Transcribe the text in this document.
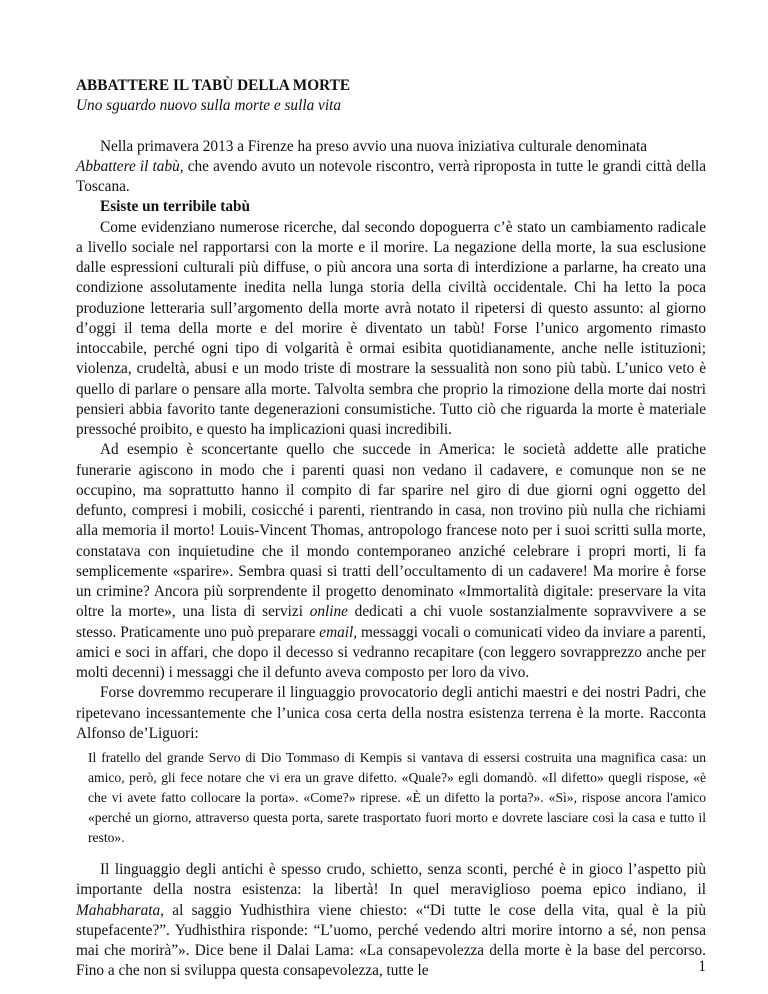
ABBATTERE IL TABÙ DELLA MORTE
Uno sguardo nuovo sulla morte e sulla vita

Nella primavera 2013 a Firenze ha preso avvio una nuova iniziativa culturale denominata
Abbattere il tabù, che avendo avuto un notevole riscontro, verrà riproposta in tutte le grandi città della Toscana.

Esiste un terribile tabù

Come evidenziano numerose ricerche, dal secondo dopoguerra c’è stato un cambiamento radicale a livello sociale nel rapportarsi con la morte e il morire. La negazione della morte, la sua esclusione dalle espressioni culturali più diffuse, o più ancora una sorta di interdizione a parlarne, ha creato una condizione assolutamente inedita nella lunga storia della civiltà occidentale. Chi ha letto la poca produzione letteraria sull’argomento della morte avrà notato il ripetersi di questo assunto: al giorno d’oggi il tema della morte e del morire è diventato un tabù! Forse l’unico argomento rimasto intoccabile, perché ogni tipo di volgarità è ormai esibita quotidianamente, anche nelle istituzioni; violenza, crudeltà, abusi e un modo triste di mostrare la sessualità non sono più tabù. L’unico veto è quello di parlare o pensare alla morte. Talvolta sembra che proprio la rimozione della morte dai nostri pensieri abbia favorito tante degenerazioni consumistiche. Tutto ciò che riguarda la morte è materiale pressoché proibito, e questo ha implicazioni quasi incredibili.

Ad esempio è sconcertante quello che succede in America: le società addette alle pratiche funerarie agiscono in modo che i parenti quasi non vedano il cadavere, e comunque non se ne occupino, ma soprattutto hanno il compito di far sparire nel giro di due giorni ogni oggetto del defunto, compresi i mobili, cosicché i parenti, rientrando in casa, non trovino più nulla che richiami alla memoria il morto! Louis-Vincent Thomas, antropologo francese noto per i suoi scritti sulla morte, constatava con inquietudine che il mondo contemporaneo anziché celebrare i propri morti, li fa semplicemente «sparire». Sembra quasi si tratti dell’occultamento di un cadavere! Ma morire è forse un crimine? Ancora più sorprendente il progetto denominato «Immortalità digitale: preservare la vita oltre la morte», una lista di servizi online dedicati a chi vuole sostanzialmente sopravvivere a se stesso. Praticamente uno può preparare email, messaggi vocali o comunicati video da inviare a parenti, amici e soci in affari, che dopo il decesso si vedranno recapitare (con leggero sovrapprezzo anche per molti decenni) i messaggi che il defunto aveva composto per loro da vivo.

Forse dovremmo recuperare il linguaggio provocatorio degli antichi maestri e dei nostri Padri, che ripetevano incessantemente che l’unica cosa certa della nostra esistenza terrena è la morte. Racconta Alfonso de’Liguori:

Il fratello del grande Servo di Dio Tommaso di Kempis si vantava di essersi costruita una magnifica casa: un amico, però, gli fece notare che vi era un grave difetto. «Quale?» egli domandò. «Il difetto» quegli rispose, «è che vi avete fatto collocare la porta». «Come?» riprese. «È un difetto la porta?». «Sì», rispose ancora l'amico «perché un giorno, attraverso questa porta, sarete trasportato fuori morto e dovrete lasciare così la casa e tutto il resto».

Il linguaggio degli antichi è spesso crudo, schietto, senza sconti, perché è in gioco l’aspetto più importante della nostra esistenza: la libertà! In quel meraviglioso poema epico indiano, il Mahabharata, al saggio Yudhisthira viene chiesto: «“Di tutte le cose della vita, qual è la più stupefacente?”. Yudhisthira risponde: “L’uomo, perché vedendo altri morire intorno a sé, non pensa mai che morirà”». Dice bene il Dalai Lama: «La consapevolezza della morte è la base del percorso. Fino a che non si sviluppa questa consapevolezza, tutte le	1
